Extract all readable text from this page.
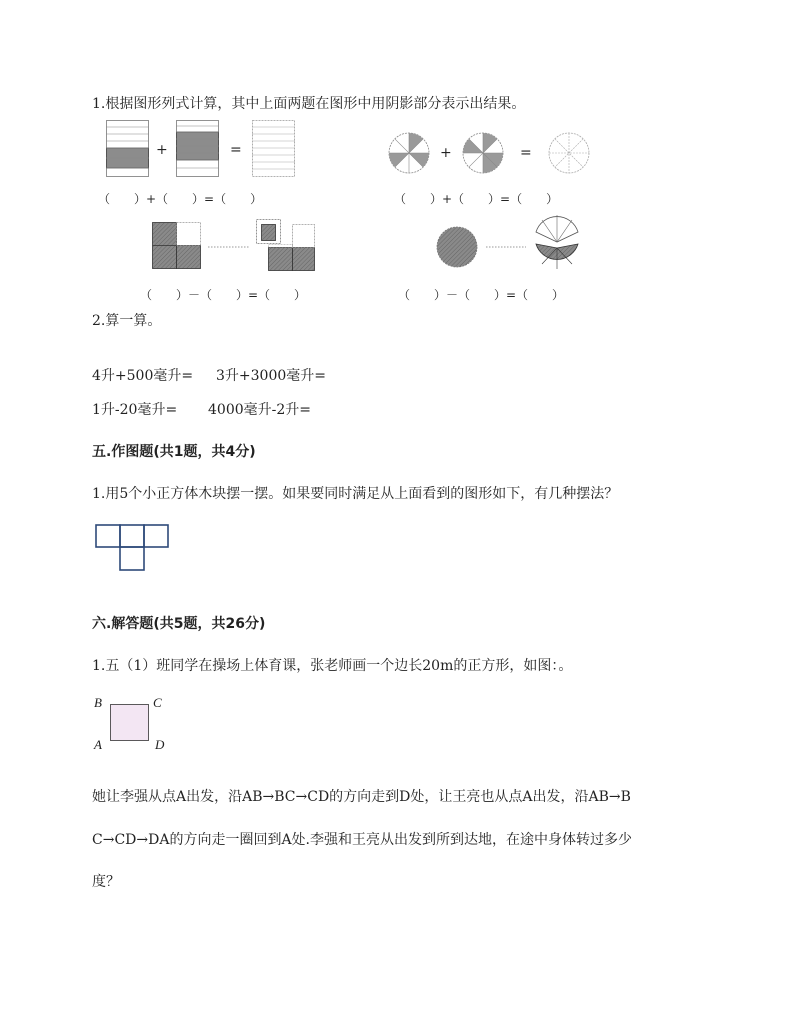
1.根据图形列式计算，其中上面两题在图形中用阴影部分表示出结果。
+	=
（　　）+（　　）=（　　）
+	=
（　　）+（　　）=（　　）
（　　）－（　　）=（　　）	（　　）－（　　）=（　　）
2.算一算。
4升+500毫升= 3升+3000毫升=
1升-20毫升= 4000毫升-2升=
五.作图题(共1题，共4分)
1.用5个小正方体木块摆一摆。如果要同时满足从上面看到的图形如下，有几种摆法？
六.解答题(共5题，共26分)
1.五（1）班同学在操场上体育课，张老师画一个边长20m的正方形，如图：。
B	C
A	D
她让李强从点A出发，沿AB→BC→CD的方向走到D处，让王亮也从点A出发，沿AB→B
C→CD→DA的方向走一圈回到A处.李强和王亮从出发到所到达地，在途中身体转过多少
度？
